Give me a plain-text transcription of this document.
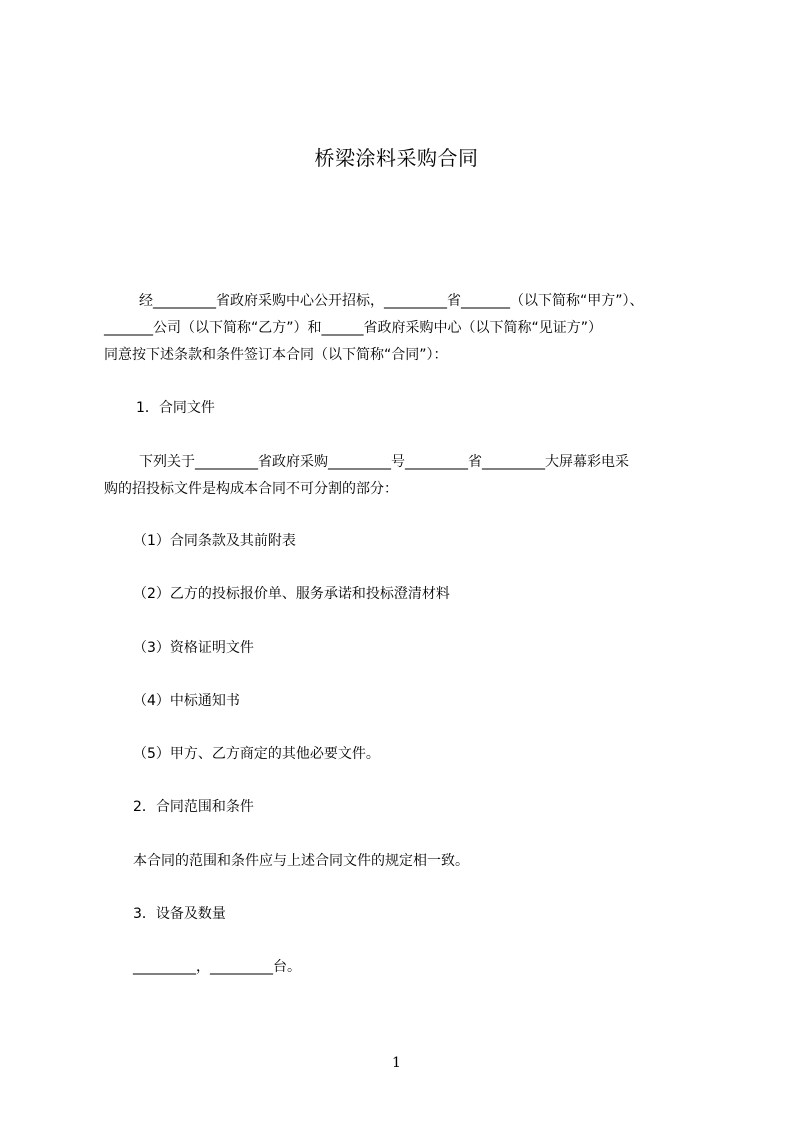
桥梁涂料采购合同
经_________省政府采购中心公开招标，_________省_______（以下简称“甲方”）、
_______公司（以下简称“乙方”）和______省政府采购中心（以下简称“见证方”）
同意按下述条款和条件签订本合同（以下简称“合同”）：
1．合同文件
下列关于_________省政府采购_________号_________省_________大屏幕彩电采
购的招投标文件是构成本合同不可分割的部分：
（1）合同条款及其前附表
（2）乙方的投标报价单、服务承诺和投标澄清材料
（3）资格证明文件
（4）中标通知书
（5）甲方、乙方商定的其他必要文件。
2．合同范围和条件
本合同的范围和条件应与上述合同文件的规定相一致。
3．设备及数量
_________，_________台。
1
